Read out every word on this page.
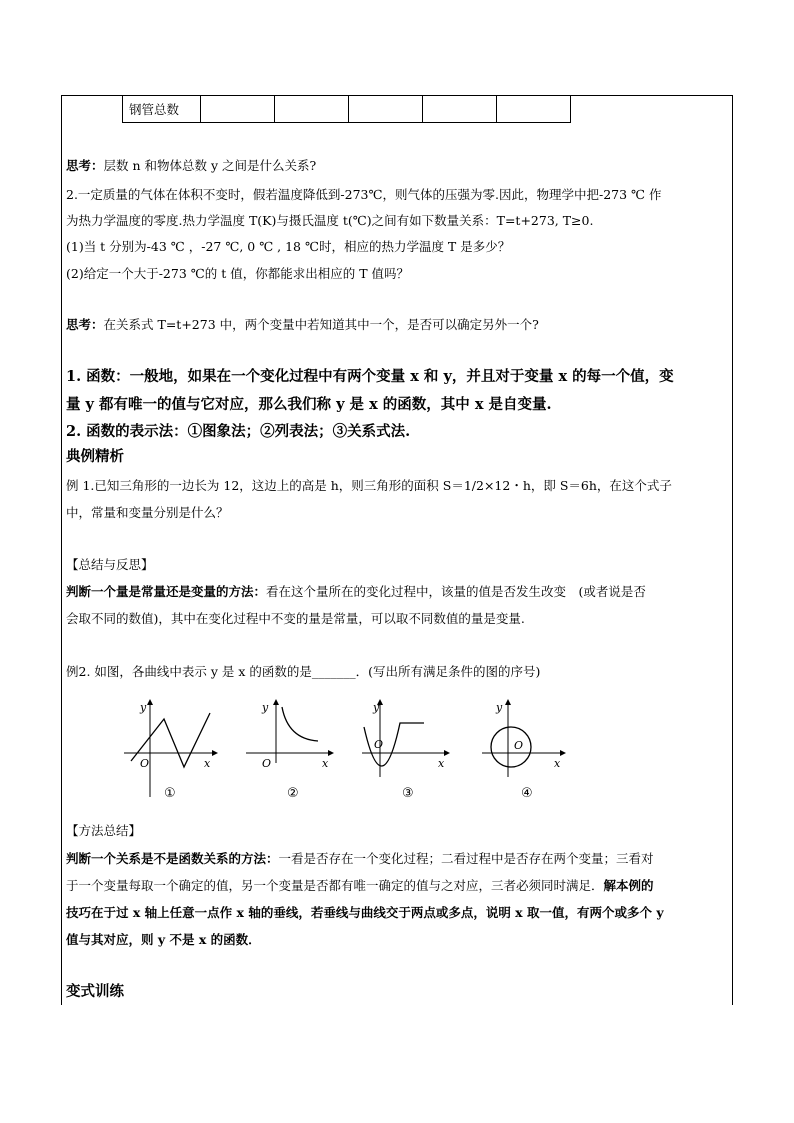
钢管总数					
思考：层数 n 和物体总数 y 之间是什么关系?
2.一定质量的气体在体积不变时，假若温度降低到-273℃，则气体的压强为零.因此，物理学中把-273 ℃ 作
为热力学温度的零度.热力学温度 T(K)与摄氏温度 t(℃)之间有如下数量关系：T=t+273, T≥0.
(1)当 t 分别为-43 ℃ ，-27 ℃, 0 ℃ , 18 ℃时，相应的热力学温度 T 是多少？
(2)给定一个大于-273 ℃的 t 值，你都能求出相应的 T 值吗？
思考：在关系式 T=t+273 中，两个变量中若知道其中一个，是否可以确定另外一个?
1. 函数：一般地，如果在一个变化过程中有两个变量 x 和 y，并且对于变量 x 的每一个值，变
量 y 都有唯一的值与它对应，那么我们称 y 是 x 的函数，其中 x 是自变量.
2. 函数的表示法：①图象法；②列表法；③关系式法.
典例精析
例 1.已知三角形的一边长为 12，这边上的高是 h，则三角形的面积 S＝1/2×12・h，即 S＝6h，在这个式子
中，常量和变量分别是什么？
【总结与反思】
判断一个量是常量还是变量的方法：看在这个量所在的变化过程中，该量的值是否发生改变　(或者说是否
会取不同的数值)，其中在变化过程中不变的量是常量，可以取不同数值的量是变量.
例2. 如图，各曲线中表示 y 是 x 的函数的是_______．(写出所有满足条件的图的序号)
y
x
O
①
y
x
O
②
y
x
O
③
y
x
O
④
【方法总结】
判断一个关系是不是函数关系的方法：一看是否存在一个变化过程；二看过程中是否存在两个变量；三看对
于一个变量每取一个确定的值，另一个变量是否都有唯一确定的值与之对应，三者必须同时满足．解本例的
技巧在于过 x 轴上任意一点作 x 轴的垂线，若垂线与曲线交于两点或多点，说明 x 取一值，有两个或多个 y
值与其对应，则 y 不是 x 的函数．
变式训练
